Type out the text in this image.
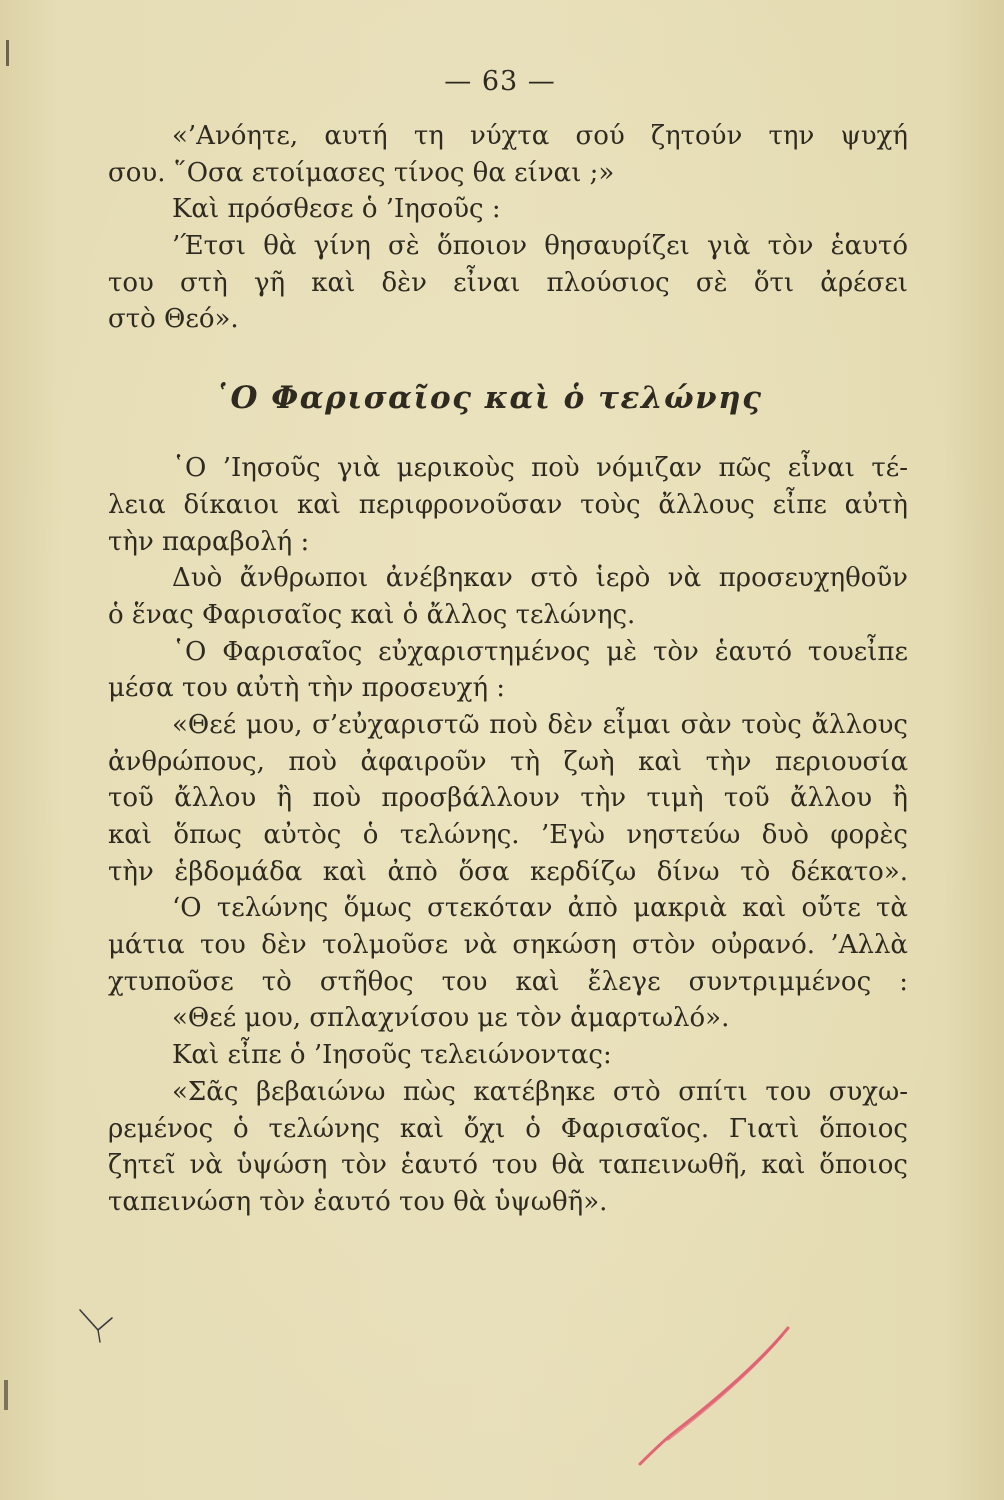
— 63 —
«’Ανόητε, αυτή τη νύχτα σού ζητούν την ψυχή
σου. ῞Οσα ετοίμασες τίνος θα είναι ;»
Καὶ πρόσθεσε ὁ ’Ιησοῦς :
’Έτσι θὰ γίνη σὲ ὅποιον θησαυρίζει γιὰ τὸν ἑαυτό
του στὴ γῆ καὶ δὲν εἶναι πλούσιος σὲ ὅτι ἀρέσει
στὸ Θεό».
῾Ο Φαρισαῖος καὶ ὁ τελώνης
῾Ο ’Ιησοῦς γιὰ μερικοὺς ποὺ νόμιζαν πῶς εἶναι τέ-
λεια δίκαιοι καὶ περιφρονοῦσαν τοὺς ἄλλους εἶπε αὐτὴ
τὴν παραβολή :
Δυὸ ἄνθρωποι ἀνέβηκαν στὸ ἱερὸ νὰ προσευχηθοῦν
ὁ ἕνας Φαρισαῖος καὶ ὁ ἄλλος τελώνης.
῾Ο Φαρισαῖος εὐχαριστημένος μὲ τὸν ἑαυτό τουεἶπε
μέσα του αὐτὴ τὴν προσευχή :
«Θεέ μου, σ’εὐχαριστῶ ποὺ δὲν εἶμαι σὰν τοὺς ἄλλους
ἀνθρώπους, ποὺ ἀφαιροῦν τὴ ζωὴ καὶ τὴν περιουσία
τοῦ ἄλλου ἢ ποὺ προσβάλλουν τὴν τιμὴ τοῦ ἄλλου ἢ
καὶ ὅπως αὐτὸς ὁ τελώνης. ’Εγὼ νηστεύω δυὸ φορὲς
τὴν ἑβδομάδα καὶ ἀπὸ ὅσα κερδίζω δίνω τὸ δέκατο».
‘Ο τελώνης ὅμως στεκόταν ἀπὸ μακριὰ καὶ οὔτε τὰ
μάτια του δὲν τολμοῦσε νὰ σηκώση στὸν οὐρανό. ’Αλλὰ
χτυποῦσε τὸ στῆθος του καὶ ἔλεγε συντριμμένος :
«Θεέ μου, σπλαχνίσου με τὸν ἁμαρτωλό».
Καὶ εἶπε ὁ ’Ιησοῦς τελειώνοντας:
«Σᾶς βεβαιώνω πὼς κατέβηκε στὸ σπίτι του συχω-
ρεμένος ὁ τελώνης καὶ ὄχι ὁ Φαρισαῖος. Γιατὶ ὅποιος
ζητεῖ νὰ ὑψώση τὸν ἑαυτό του θὰ ταπεινωθῆ, καὶ ὅποιος
ταπεινώση τὸν ἑαυτό του θὰ ὑψωθῆ».
